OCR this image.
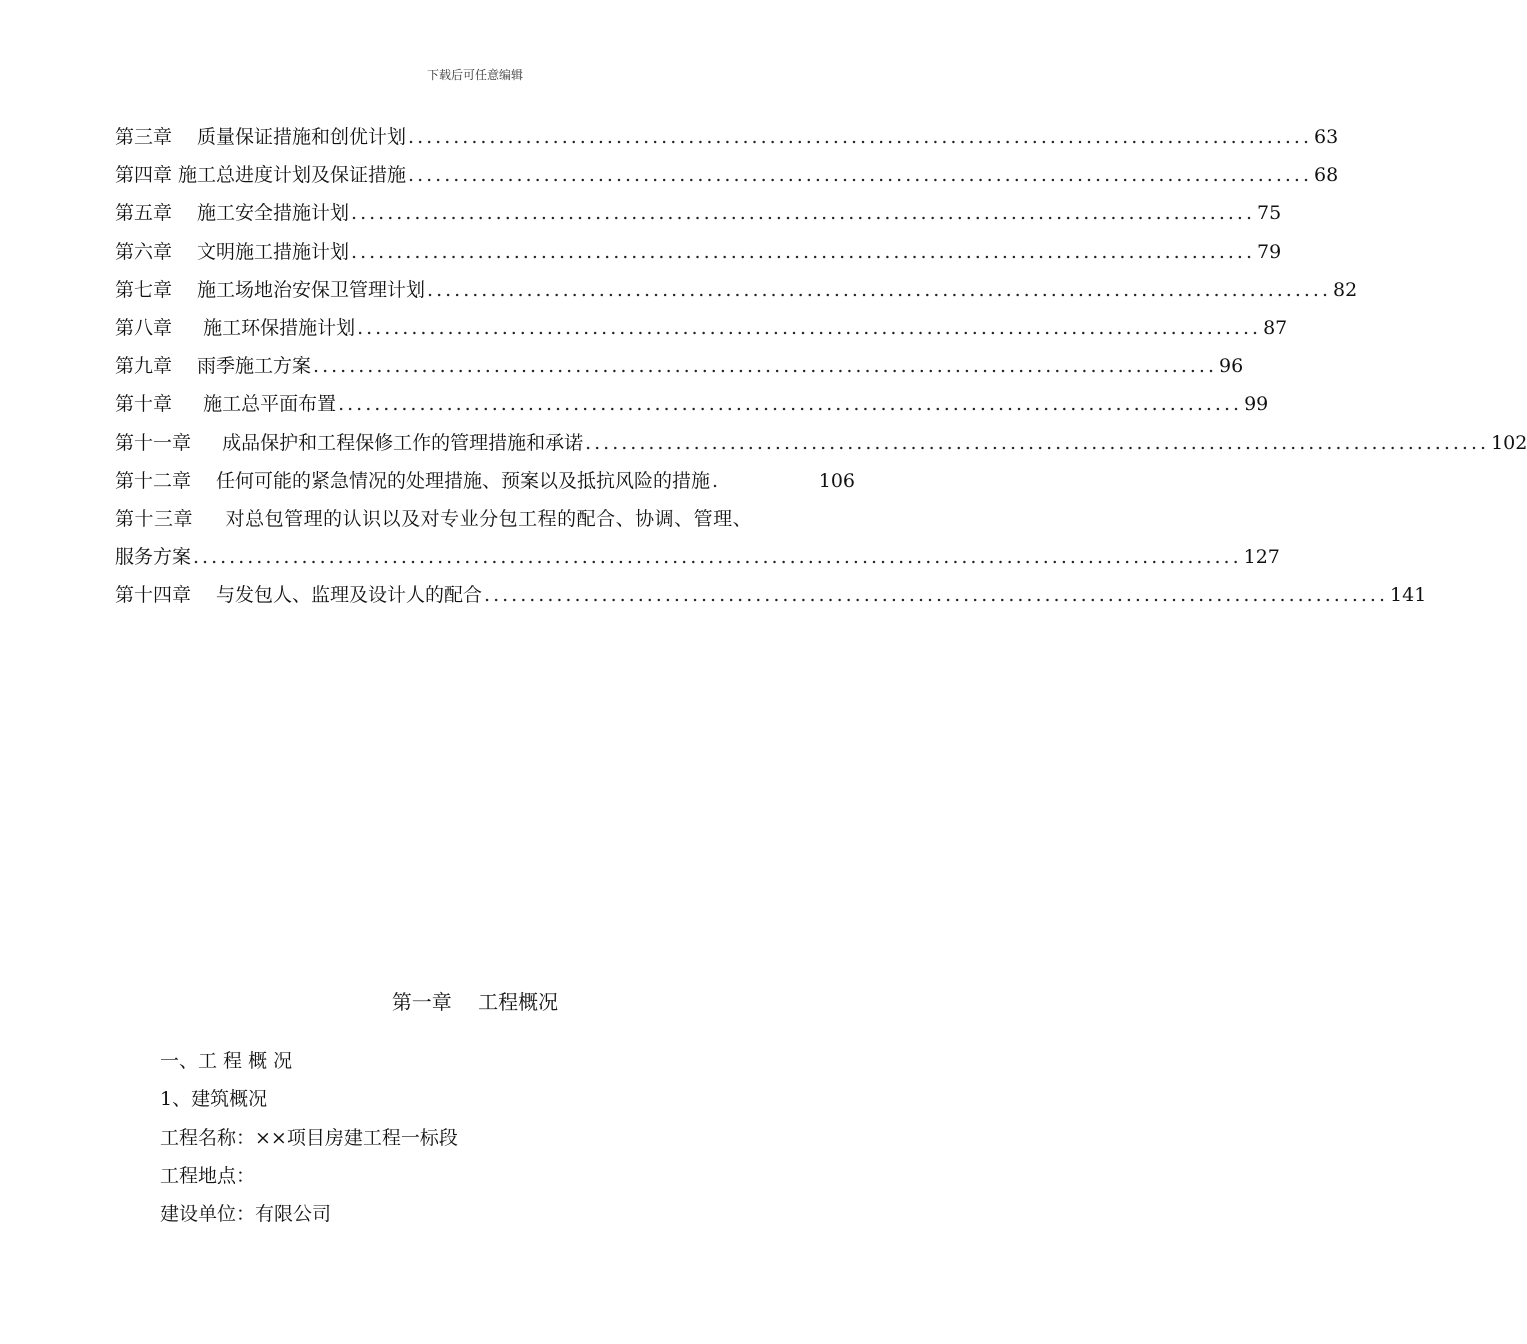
下载后可任意编辑
第三章 　质量保证措施和创优计划 .................................................................................................... 63
第四章 施工总进度计划及保证措施 .................................................................................................... 68
第五章 　施工安全措施计划 .................................................................................................... 75
第六章 　文明施工措施计划 .................................................................................................... 79
第七章 　施工场地治安保卫管理计划 .................................................................................................... 82
第八章 　 施工环保措施计划 .................................................................................................... 87
第九章 　雨季施工方案 .................................................................................................... 96
第十章 　 施工总平面布置 .................................................................................................... 99
第十一章 　 成品保护和工程保修工作的管理措施和承诺 .................................................................................................... 102
第十二章 　任何可能的紧急情况的处理措施、预案以及抵抗风险的措施 .	106
第十三章 　 对总包管理的认识以及对专业分包工程的配合、协调、管理、
服务方案 .................................................................................................................... 127
第十四章 　与发包人、监理及设计人的配合 .................................................................................................... 141
第一章 　工程概况
一、工 程 概 况
1、建筑概况
工程名称：××项目房建工程一标段
工程地点：
建设单位：有限公司
